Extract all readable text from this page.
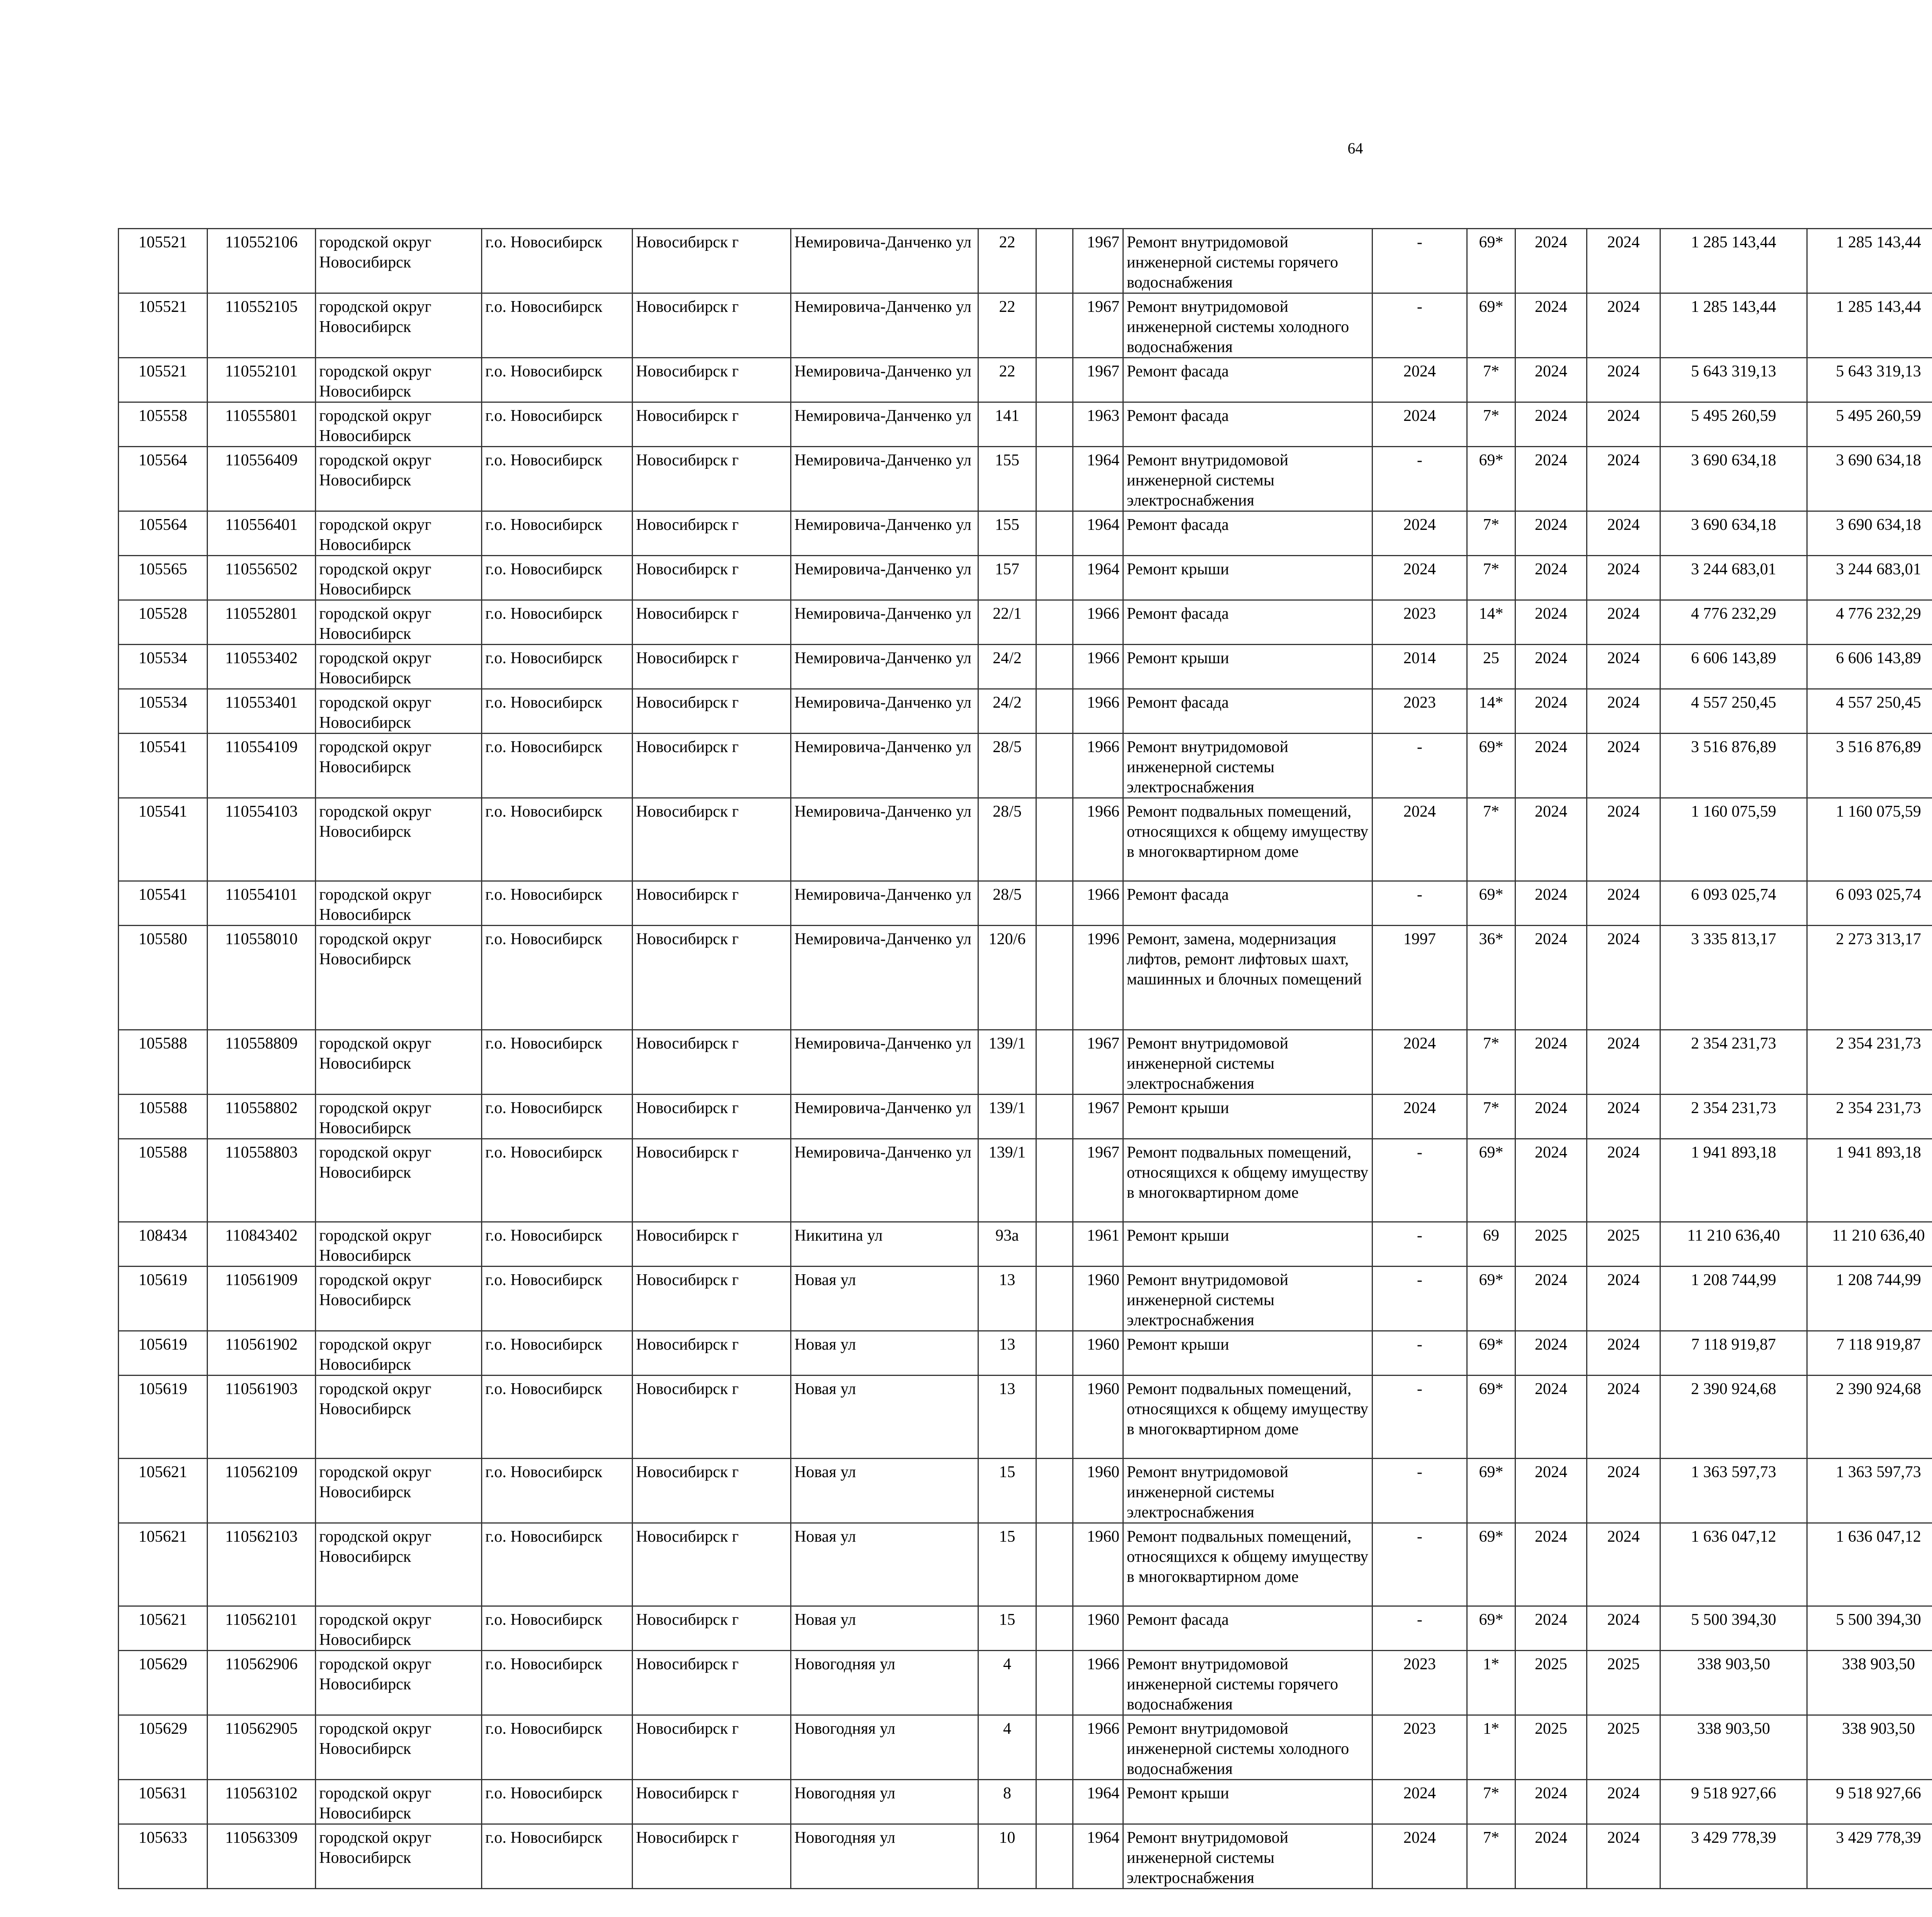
64
105521	110552106	городской округ Новосибирск	г.о. Новосибирск	Новосибирск г	Немировича-Данченко ул	22		1967	Ремонт внутридомовой инженерной системы горячего водоснабжения	-	69*	2024	2024	1 285 143,44	1 285 143,44						
105521	110552105	городской округ Новосибирск	г.о. Новосибирск	Новосибирск г	Немировича-Данченко ул	22		1967	Ремонт внутридомовой инженерной системы холодного водоснабжения	-	69*	2024	2024	1 285 143,44	1 285 143,44						
105521	110552101	городской округ Новосибирск	г.о. Новосибирск	Новосибирск г	Немировича-Данченко ул	22		1967	Ремонт фасада	2024	7*	2024	2024	5 643 319,13	5 643 319,13						
105558	110555801	городской округ Новосибирск	г.о. Новосибирск	Новосибирск г	Немировича-Данченко ул	141		1963	Ремонт фасада	2024	7*	2024	2024	5 495 260,59	5 495 260,59						
105564	110556409	городской округ Новосибирск	г.о. Новосибирск	Новосибирск г	Немировича-Данченко ул	155		1964	Ремонт внутридомовой инженерной системы электроснабжения	-	69*	2024	2024	3 690 634,18	3 690 634,18						
105564	110556401	городской округ Новосибирск	г.о. Новосибирск	Новосибирск г	Немировича-Данченко ул	155		1964	Ремонт фасада	2024	7*	2024	2024	3 690 634,18	3 690 634,18						
105565	110556502	городской округ Новосибирск	г.о. Новосибирск	Новосибирск г	Немировича-Данченко ул	157		1964	Ремонт крыши	2024	7*	2024	2024	3 244 683,01	3 244 683,01						
105528	110552801	городской округ Новосибирск	г.о. Новосибирск	Новосибирск г	Немировича-Данченко ул	22/1		1966	Ремонт фасада	2023	14*	2024	2024	4 776 232,29	4 776 232,29						
105534	110553402	городской округ Новосибирск	г.о. Новосибирск	Новосибирск г	Немировича-Данченко ул	24/2		1966	Ремонт крыши	2014	25	2024	2024	6 606 143,89	6 606 143,89						
105534	110553401	городской округ Новосибирск	г.о. Новосибирск	Новосибирск г	Немировича-Данченко ул	24/2		1966	Ремонт фасада	2023	14*	2024	2024	4 557 250,45	4 557 250,45						
105541	110554109	городской округ Новосибирск	г.о. Новосибирск	Новосибирск г	Немировича-Данченко ул	28/5		1966	Ремонт внутридомовой инженерной системы электроснабжения	-	69*	2024	2024	3 516 876,89	3 516 876,89						
105541	110554103	городской округ Новосибирск	г.о. Новосибирск	Новосибирск г	Немировича-Данченко ул	28/5		1966	Ремонт подвальных помещений, относящихся к общему имуществу в многоквартирном доме	2024	7*	2024	2024	1 160 075,59	1 160 075,59						
105541	110554101	городской округ Новосибирск	г.о. Новосибирск	Новосибирск г	Немировича-Данченко ул	28/5		1966	Ремонт фасада	-	69*	2024	2024	6 093 025,74	6 093 025,74						
105580	110558010	городской округ Новосибирск	г.о. Новосибирск	Новосибирск г	Немировича-Данченко ул	120/6		1996	Ремонт, замена, модернизация лифтов, ремонт лифтовых шахт, машинных и блочных помещений	1997	36*	2024	2024	3 335 813,17	2 273 313,17						
105588	110558809	городской округ Новосибирск	г.о. Новосибирск	Новосибирск г	Немировича-Данченко ул	139/1		1967	Ремонт внутридомовой инженерной системы электроснабжения	2024	7*	2024	2024	2 354 231,73	2 354 231,73						
105588	110558802	городской округ Новосибирск	г.о. Новосибирск	Новосибирск г	Немировича-Данченко ул	139/1		1967	Ремонт крыши	2024	7*	2024	2024	2 354 231,73	2 354 231,73						
105588	110558803	городской округ Новосибирск	г.о. Новосибирск	Новосибирск г	Немировича-Данченко ул	139/1		1967	Ремонт подвальных помещений, относящихся к общему имуществу в многоквартирном доме	-	69*	2024	2024	1 941 893,18	1 941 893,18						
108434	110843402	городской округ Новосибирск	г.о. Новосибирск	Новосибирск г	Никитина ул	93а		1961	Ремонт крыши	-	69	2025	2025	11 210 636,40	11 210 636,40						
105619	110561909	городской округ Новосибирск	г.о. Новосибирск	Новосибирск г	Новая ул	13		1960	Ремонт внутридомовой инженерной системы электроснабжения	-	69*	2024	2024	1 208 744,99	1 208 744,99						
105619	110561902	городской округ Новосибирск	г.о. Новосибирск	Новосибирск г	Новая ул	13		1960	Ремонт крыши	-	69*	2024	2024	7 118 919,87	7 118 919,87						
105619	110561903	городской округ Новосибирск	г.о. Новосибирск	Новосибирск г	Новая ул	13		1960	Ремонт подвальных помещений, относящихся к общему имуществу в многоквартирном доме	-	69*	2024	2024	2 390 924,68	2 390 924,68						
105621	110562109	городской округ Новосибирск	г.о. Новосибирск	Новосибирск г	Новая ул	15		1960	Ремонт внутридомовой инженерной системы электроснабжения	-	69*	2024	2024	1 363 597,73	1 363 597,73						
105621	110562103	городской округ Новосибирск	г.о. Новосибирск	Новосибирск г	Новая ул	15		1960	Ремонт подвальных помещений, относящихся к общему имуществу в многоквартирном доме	-	69*	2024	2024	1 636 047,12	1 636 047,12						
105621	110562101	городской округ Новосибирск	г.о. Новосибирск	Новосибирск г	Новая ул	15		1960	Ремонт фасада	-	69*	2024	2024	5 500 394,30	5 500 394,30						
105629	110562906	городской округ Новосибирск	г.о. Новосибирск	Новосибирск г	Новогодняя ул	4		1966	Ремонт внутридомовой инженерной системы горячего водоснабжения	2023	1*	2025	2025	338 903,50	338 903,50						
105629	110562905	городской округ Новосибирск	г.о. Новосибирск	Новосибирск г	Новогодняя ул	4		1966	Ремонт внутридомовой инженерной системы холодного водоснабжения	2023	1*	2025	2025	338 903,50	338 903,50						
105631	110563102	городской округ Новосибирск	г.о. Новосибирск	Новосибирск г	Новогодняя ул	8		1964	Ремонт крыши	2024	7*	2024	2024	9 518 927,66	9 518 927,66						
105633	110563309	городской округ Новосибирск	г.о. Новосибирск	Новосибирск г	Новогодняя ул	10		1964	Ремонт внутридомовой инженерной системы электроснабжения	2024	7*	2024	2024	3 429 778,39	3 429 778,39						
